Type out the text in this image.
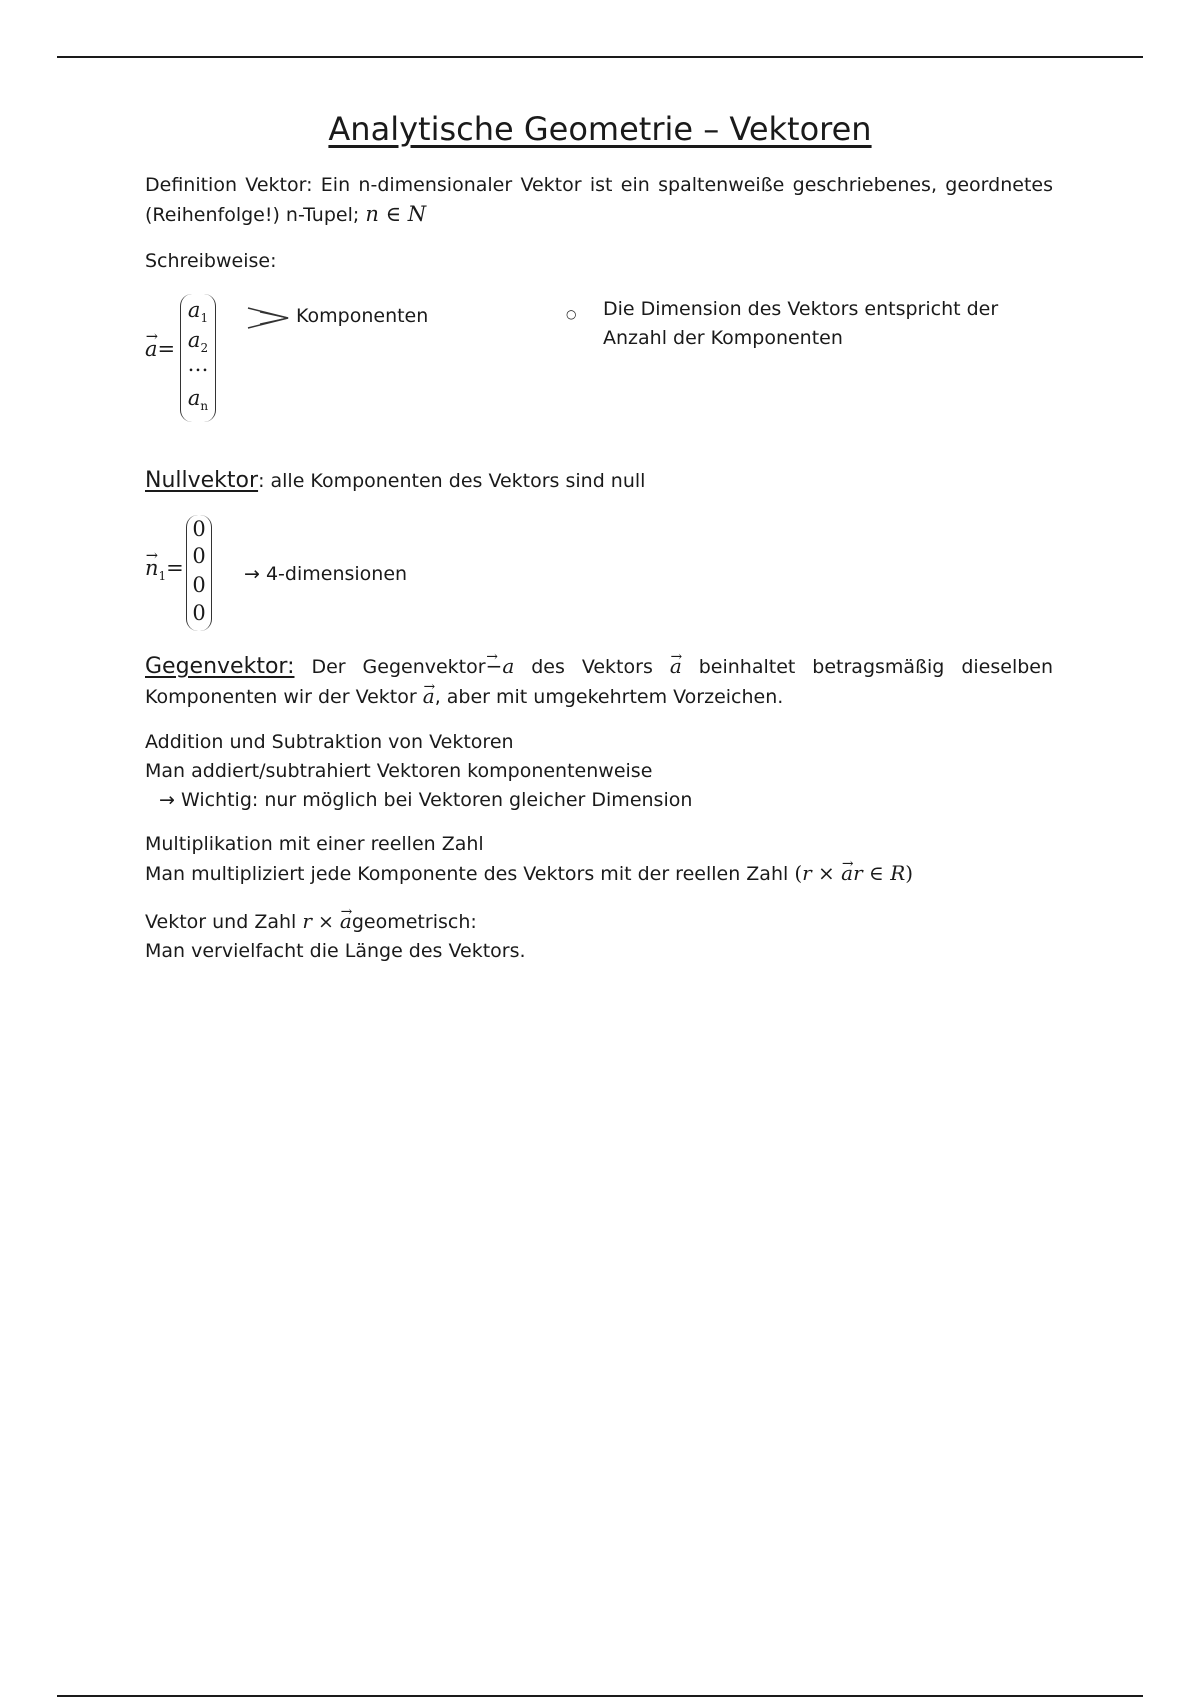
Analytische Geometrie – Vektoren
Definition Vektor: Ein n-dimensionaler Vektor ist ein spaltenweiße geschriebenes, geordnetes (Reihenfolge!) n-Tupel; n ∈ N
Schreibweise:
→ a=
$a_1$
$a_2$
…
$a_n$
Komponenten	○ Die Dimension des Vektors entspricht der
Anzahl der Komponenten
Nullvektor: alle Komponenten des Vektors sind null
→ $n_1=$
0
0
0
0
→ 4-dimensionen
Gegenvektor: Der Gegenvektor→ −a des Vektors → a beinhaltet betragsmäßig dieselben Komponenten wir der Vektor → a, aber mit umgekehrtem Vorzeichen.
Addition und Subtraktion von Vektoren
Man addiert/subtrahiert Vektoren komponentenweise
→ Wichtig: nur möglich bei Vektoren gleicher Dimension
Multiplikation mit einer reellen Zahl
Man multipliziert jede Komponente des Vektors mit der reellen Zahl (r × → ar ∈ R)
Vektor und Zahl r × → ageometrisch:
Man vervielfacht die Länge des Vektors.
